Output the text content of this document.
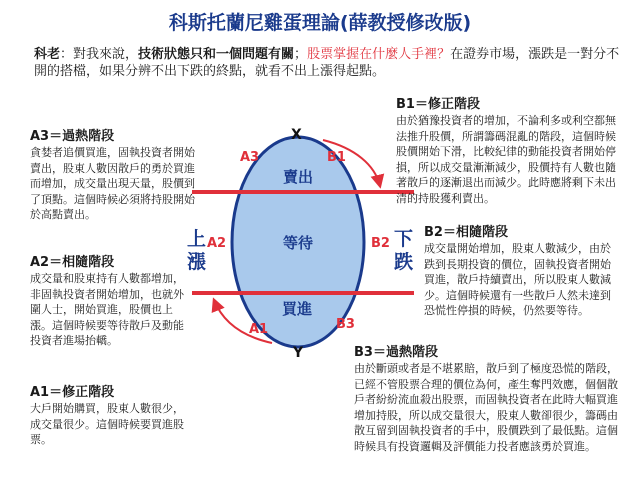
科斯托蘭尼雞蛋理論(薛教授修改版)
科老：對我來說，技術狀態只和一個問題有關；股票掌握在什麼人手裡？在證券市場，漲跌是一對分不開的搭檔，如果分辨不出下跌的終點，就看不出上漲得起點。
X
Y
賣出
等待
買進
A3
A2
A1
B1
B2
B3
上
漲
下
跌
A3＝過熱階段
貪婪者追價買進，固執投資者開始賣出，股東人數因散戶的勇於買進而增加，成交量出現天量，股價到了頂點。這個時候必須將持股開始於高點賣出。
A2＝相隨階段
成交量和股東持有人數都增加，非固執投資者開始增加，也就外圍人士，開始買進，股價也上漲。這個時候要等待散戶及動能投資者進場抬轎。
A1＝修正階段
大戶開始購買，股東人數很少，成交量很少。這個時候要買進股票。
B1＝修正階段
由於猶豫投資者的增加，不論利多或利空都無法推升股價，所謂籌碼混亂的階段，這個時候股價開始下滑，比較紀律的動能投資者開始停損，所以成交量漸漸減少，股價持有人數也隨著散戶的逐漸退出而減少。此時應將剩下未出清的持股獲利賣出。
B2＝相隨階段
成交量開始增加，股東人數減少，由於跌到長期投資的價位，固執投資者開始買進，散戶持續賣出，所以股東人數減少。這個時候還有一些散戶人然未達到恐慌性停損的時候，仍然要等待。
B3＝過熱階段
由於斷頭或者是不堪累賠，散戶到了極度恐慌的階段，已經不管股票合理的價位為何，產生奪門效應，個個散戶者紛紛流血殺出股票，而固執投資者在此時大幅買進增加持股，所以成交量很大，股東人數卻很少，籌碼由散互留到固執投資者的手中，股價跌到了最低點。這個時候具有投資邏輯及評價能力投者應該勇於買進。
